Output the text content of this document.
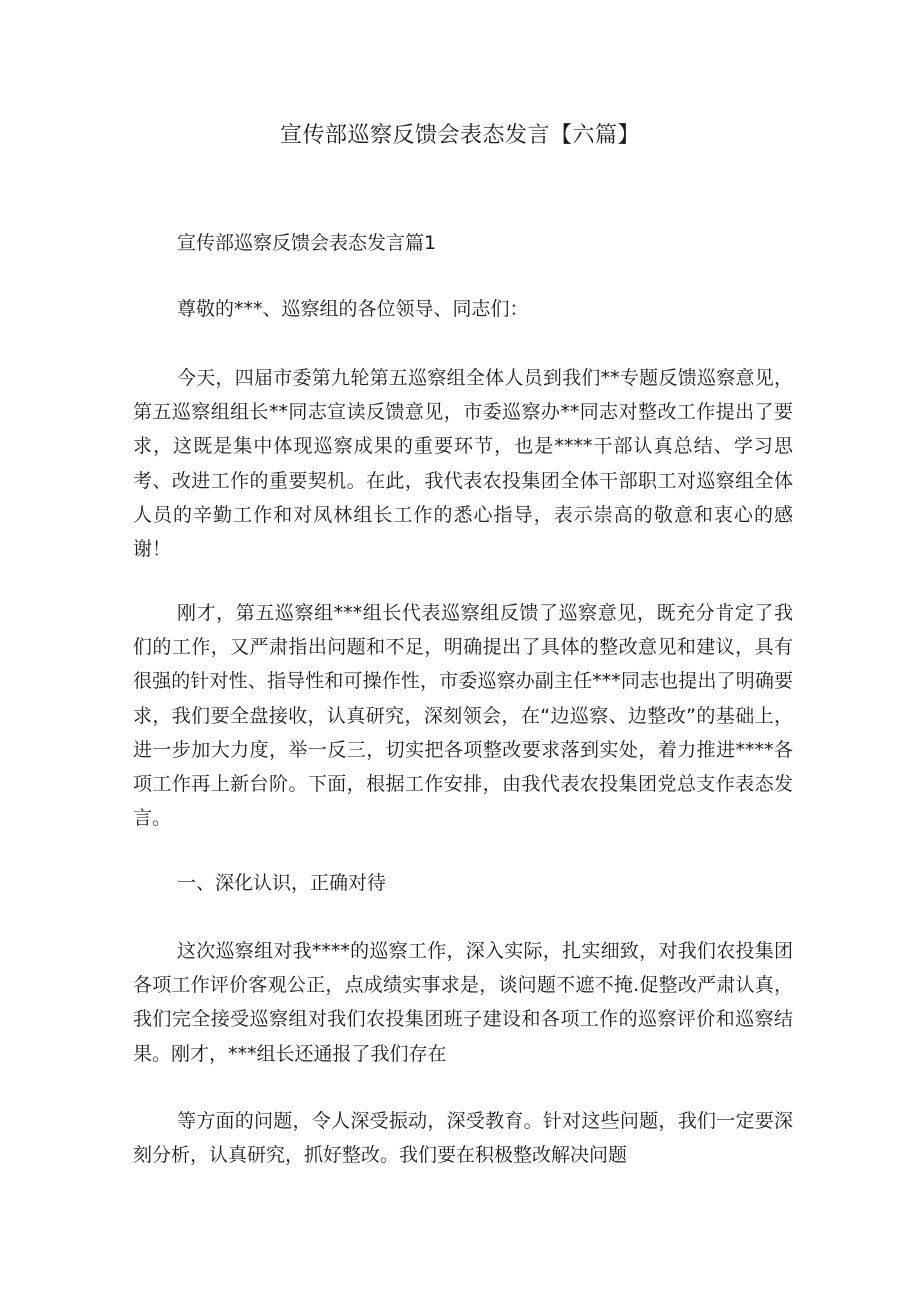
宣传部巡察反馈会表态发言【六篇】

宣传部巡察反馈会表态发言篇1

尊敬的***、巡察组的各位领导、同志们：

今天，四届市委第九轮第五巡察组全体人员到我们**专题反馈巡察意见，第五巡察组组长**同志宣读反馈意见，市委巡察办**同志对整改工作提出了要求，这既是集中体现巡察成果的重要环节，也是****干部认真总结、学习思考、改进工作的重要契机。在此，我代表农投集团全体干部职工对巡察组全体人员的辛勤工作和对凤林组长工作的悉心指导，表示崇高的敬意和衷心的感谢！

刚才，第五巡察组***组长代表巡察组反馈了巡察意见，既充分肯定了我们的工作，又严肃指出问题和不足，明确提出了具体的整改意见和建议，具有很强的针对性、指导性和可操作性，市委巡察办副主任***同志也提出了明确要求，我们要全盘接收，认真研究，深刻领会，在“边巡察、边整改”的基础上，进一步加大力度，举一反三，切实把各项整改要求落到实处，着力推进****各项工作再上新台阶。下面，根据工作安排，由我代表农投集团党总支作表态发言。

一、深化认识，正确对待

这次巡察组对我****的巡察工作，深入实际，扎实细致，对我们农投集团各项工作评价客观公正，点成绩实事求是，谈问题不遮不掩.促整改严肃认真，我们完全接受巡察组对我们农投集团班子建设和各项工作的巡察评价和巡察结果。刚才，***组长还通报了我们存在

等方面的问题，令人深受振动，深受教育。针对这些问题，我们一定要深刻分析，认真研究，抓好整改。我们要在积极整改解决问题
